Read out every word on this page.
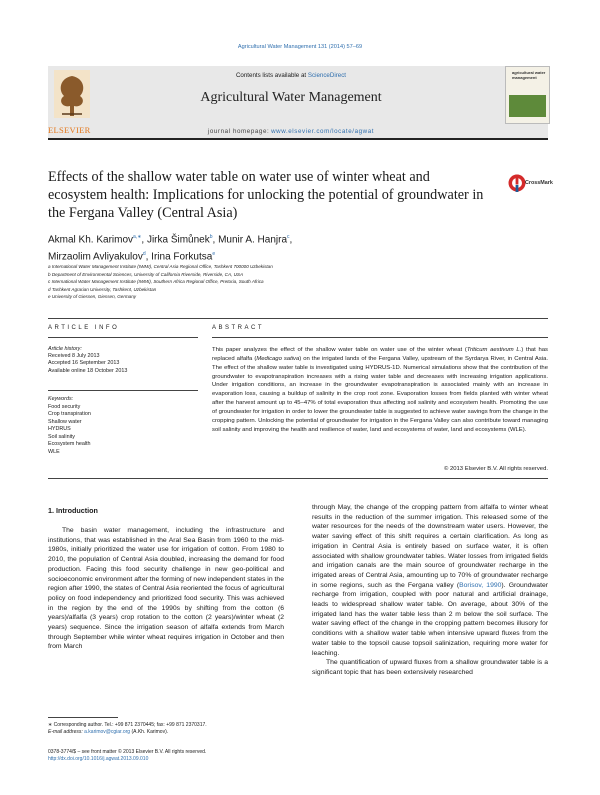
Agricultural Water Management 131 (2014) 57–69
ELSEVIER
Contents lists available at ScienceDirect
Agricultural Water Management
journal homepage: www.elsevier.com/locate/agwat
agricultural water management
Effects of the shallow water table on water use of winter wheat and ecosystem health: Implications for unlocking the potential of groundwater in the Fergana Valley (Central Asia)
CrossMark
Akmal Kh. Karimov$^{a,∗}$, Jirka Šimůnek$^b$, Munir A. Hanjra$^c$,
Mirzaolim Avliyakulov$^d$, Irina Forkutsa$^e$
a International Water Management Institute (IWMI), Central Asia Regional Office, Tashkent 700000 Uzbekistan
b Department of Environmental Sciences, University of California Riverside, Riverside, CA, USA
c International Water Management Institute (IWMI), Southern Africa Regional Office, Pretoria, South Africa
d Tashkent Agrarian University, Tashkent, Uzbekistan
e University of Giessen, Giessen, Germany
ARTICLE INFO	ABSTRACT
Article history:
Received 8 July 2013
Accepted 16 September 2013
Available online 18 October 2013
Keywords:
Food security
Crop transpiration
Shallow water
HYDRUS
Soil salinity
Ecosystem health
WLE
This paper analyzes the effect of the shallow water table on water use of the winter wheat (Triticum aestivum L.) that has replaced alfalfa (Medicago sativa) on the irrigated lands of the Fergana Valley, upstream of the Syrdarya River, in Central Asia. The effect of the shallow water table is investigated using HYDRUS-1D. Numerical simulations show that the contribution of the groundwater to evapotranspiration increases with a rising water table and decreases with increasing irrigation applications. Under irrigation conditions, an increase in the groundwater evapotranspiration is associated mainly with an increase in evaporation loss, causing a buildup of salinity in the crop root zone. Evaporation losses from fields planted with winter wheat after the harvest amount up to 45–47% of total evaporation thus affecting soil salinity and ecosystem health. Promoting the use of groundwater for irrigation in order to lower the groundwater table is suggested to achieve water savings from the change in the cropping pattern. Unlocking the potential of groundwater for irrigation in the Fergana Valley can also contribute toward managing soil salinity and improving the health and resilience of water, land and ecosystems of water, land and ecosystems (WLE).
© 2013 Elsevier B.V. All rights reserved.
1. Introduction

The basin water management, including the infrastructure and institutions, that was established in the Aral Sea Basin from 1960 to the mid-1980s, initially prioritized the water use for irrigation of cotton. From 1980 to 2010, the population of Central Asia doubled, increasing the demand for food production. Facing this food security challenge in new geo-political and socioeconomic environment after the forming of new independent states in the region after 1990, the states of Central Asia reoriented the focus of agricultural policy on food independency and prioritized food security. This was achieved in the region by the end of the 1990s by shifting from the cotton (6 years)/alfalfa (3 years) crop rotation to the cotton (2 years)/winter wheat (2 years) sequence. Since the irrigation season of alfalfa extends from March through September while winter wheat requires irrigation in October and then from March

through May, the change of the cropping pattern from alfalfa to winter wheat results in the reduction of the summer irrigation. This released some of the water resources for the needs of the downstream water users. However, the water saving effect of this shift requires a certain clarification. As long as irrigation in Central Asia is entirely based on surface water, it is often associated with shallow groundwater tables. Water losses from irrigated fields and irrigation canals are the main source of groundwater recharge in the irrigated areas of Central Asia, amounting up to 70% of groundwater recharge in some regions, such as the Fergana valley (Borisov, 1990). Groundwater recharge from irrigation, coupled with poor natural and artificial drainage, leads to widespread shallow water table. On average, about 30% of the irrigated land has the water table less than 2 m below the soil surface. The water saving effect of the change in the cropping pattern becomes illusory for conditions with a shallow water table when intensive upward fluxes from the water table to the topsoil cause topsoil salinization, requiring more water for leaching.

The quantification of upward fluxes from a shallow groundwater table is a significant topic that has been extensively researched

∗ Corresponding author. Tel.: +99 871 2370445; fax: +99 871 2370317.
E-mail address: a.karimov@cgiar.org (A.Kh. Karimov).
0378-3774/$ – see front matter © 2013 Elsevier B.V. All rights reserved.
http://dx.doi.org/10.1016/j.agwat.2013.09.010
